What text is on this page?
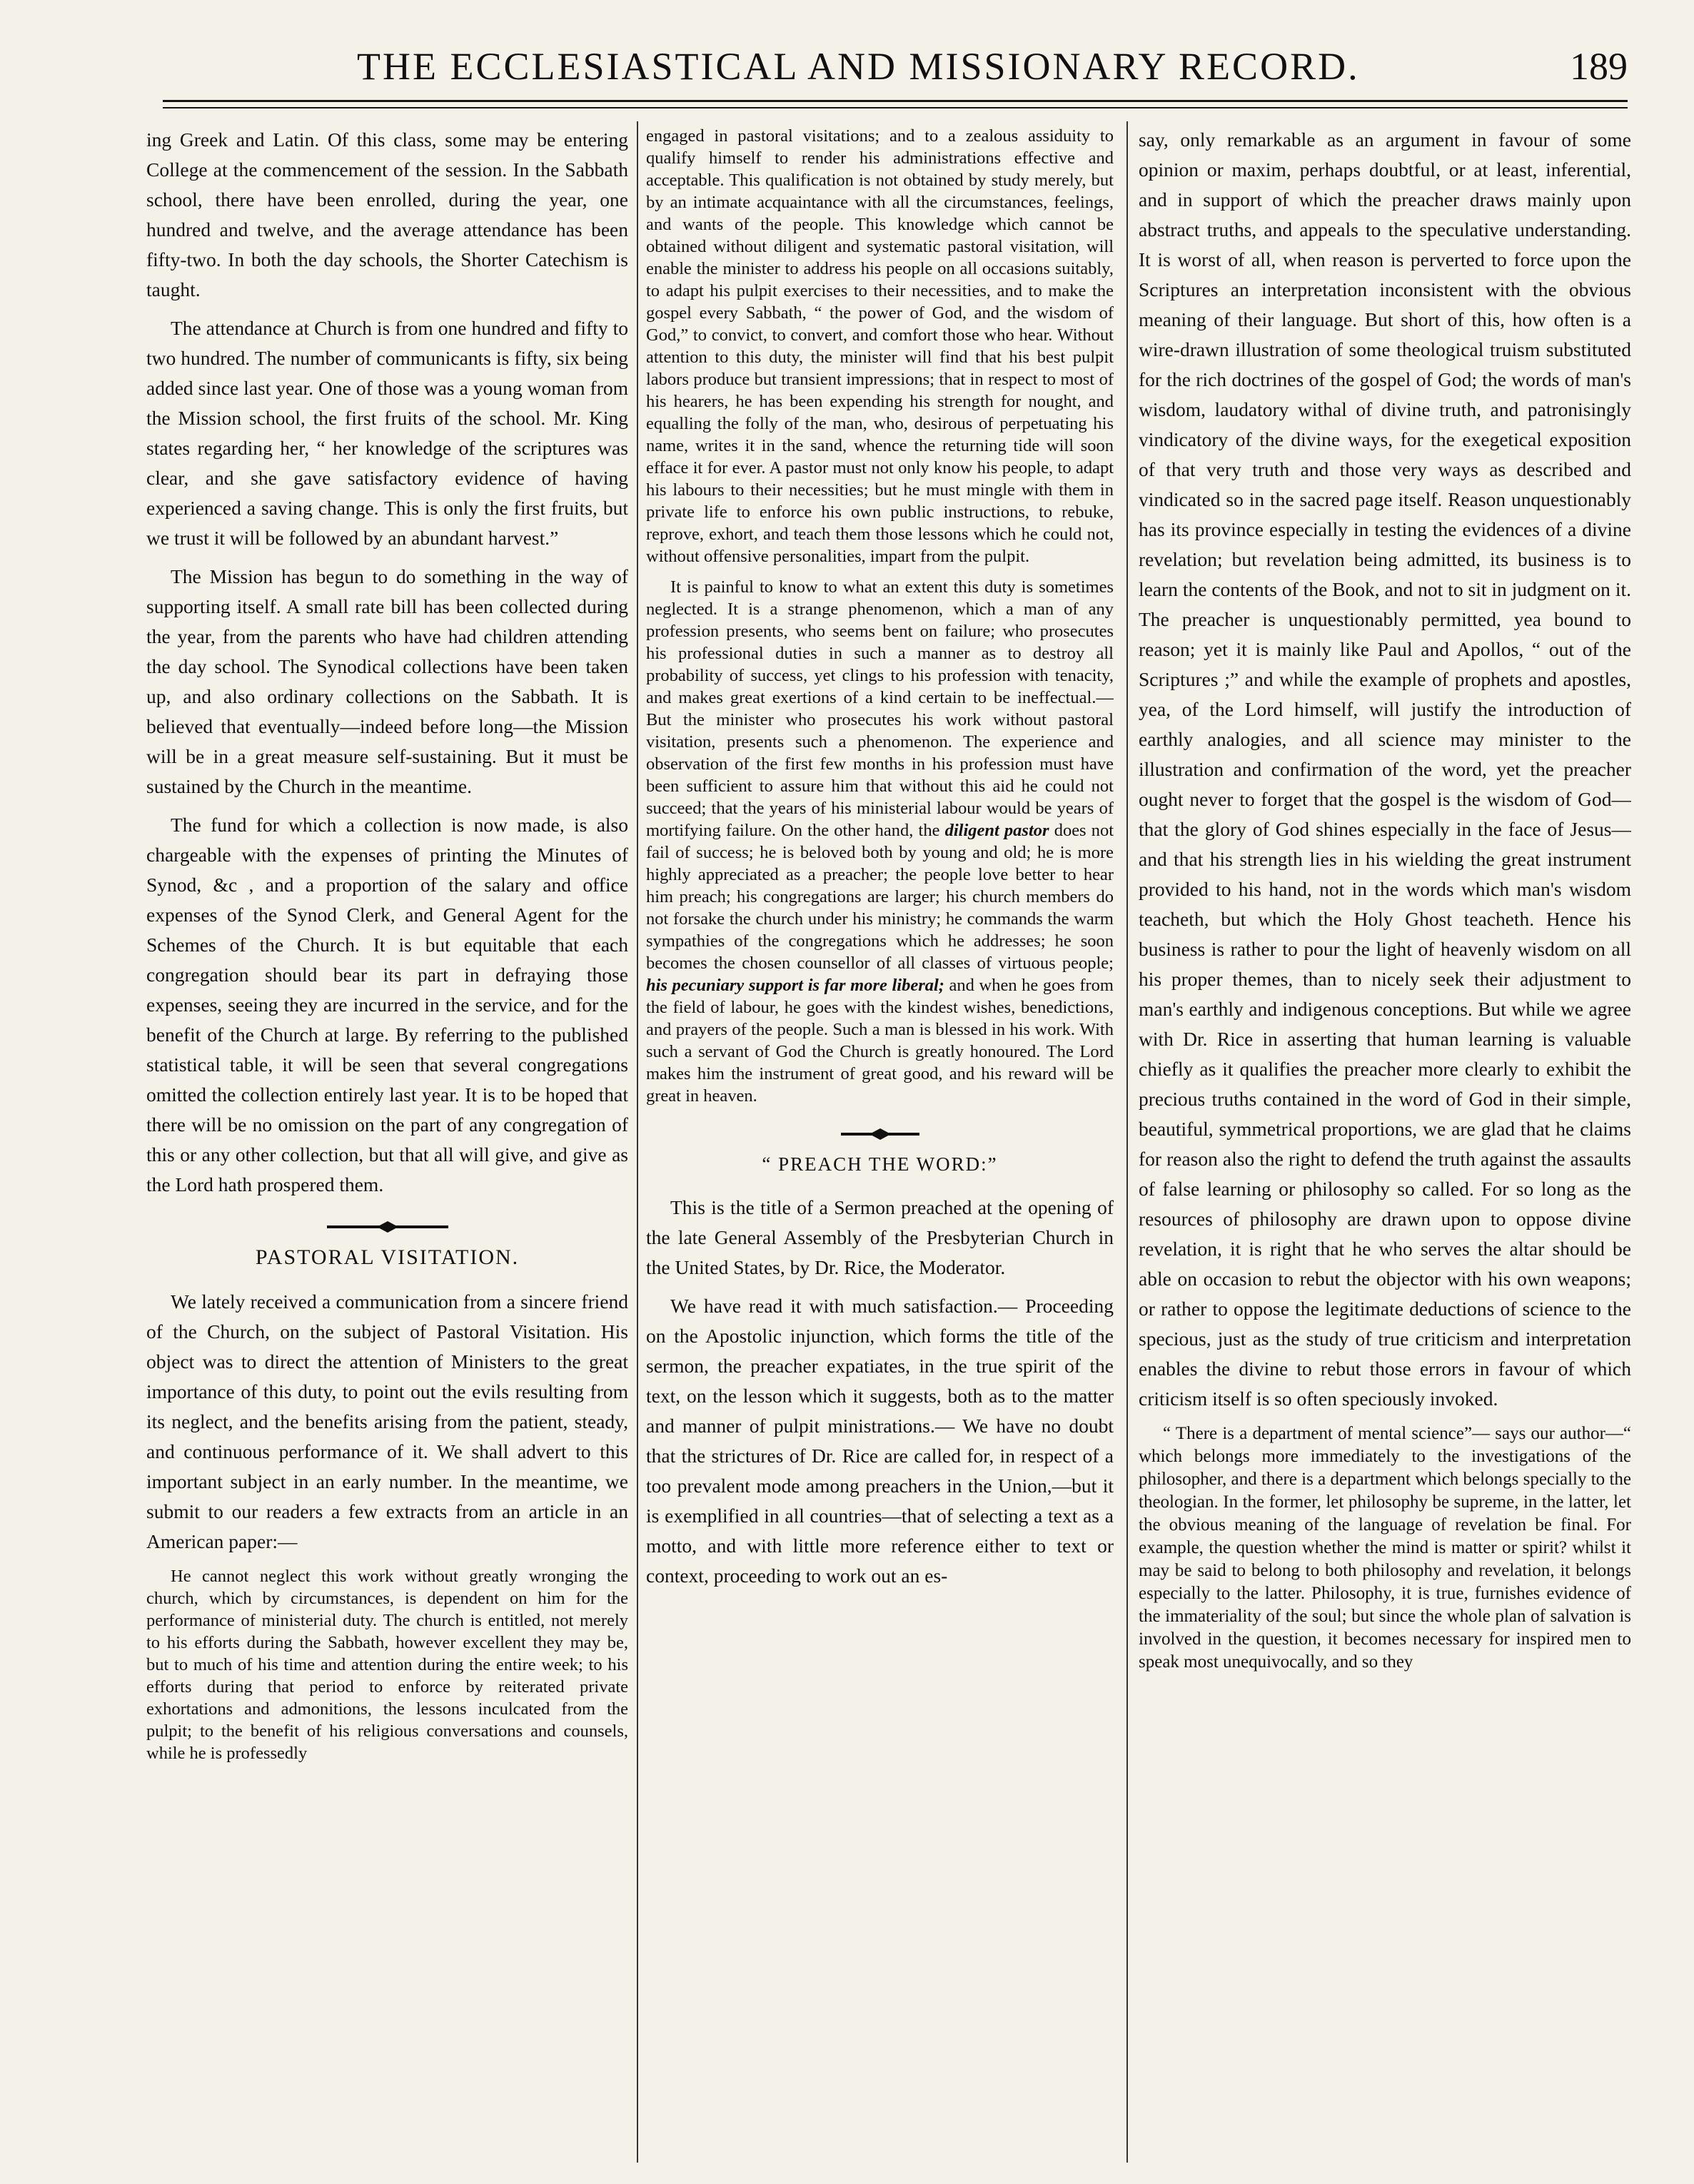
THE ECCLESIASTICAL AND MISSIONARY RECORD.	189

ing Greek and Latin. Of this class, some may be entering College at the commencement of the session. In the Sabbath school, there have been enrolled, during the year, one hundred and twelve, and the average attendance has been fifty-two. In both the day schools, the Shorter Catechism is taught.

The attendance at Church is from one hundred and fifty to two hundred. The number of communicants is fifty, six being added since last year. One of those was a young woman from the Mission school, the first fruits of the school. Mr. King states regarding her, “ her knowledge of the scriptures was clear, and she gave satisfactory evidence of having experienced a saving change. This is only the first fruits, but we trust it will be followed by an abundant harvest.”

The Mission has begun to do something in the way of supporting itself. A small rate bill has been collected during the year, from the parents who have had children attending the day school. The Synodical collections have been taken up, and also ordinary collections on the Sabbath. It is believed that eventually—indeed before long—the Mission will be in a great measure self-sustaining. But it must be sustained by the Church in the meantime.

The fund for which a collection is now made, is also chargeable with the expenses of printing the Minutes of Synod, &c , and a proportion of the salary and office expenses of the Synod Clerk, and General Agent for the Schemes of the Church. It is but equitable that each congregation should bear its part in defraying those expenses, seeing they are incurred in the service, and for the benefit of the Church at large. By referring to the published statistical table, it will be seen that several congregations omitted the collection entirely last year. It is to be hoped that there will be no omission on the part of any congregation of this or any other collection, but that all will give, and give as the Lord hath prospered them.

PASTORAL VISITATION.

We lately received a communication from a sincere friend of the Church, on the subject of Pastoral Visitation. His object was to direct the attention of Ministers to the great importance of this duty, to point out the evils resulting from its neglect, and the benefits arising from the patient, steady, and continuous performance of it. We shall advert to this important subject in an early number. In the meantime, we submit to our readers a few extracts from an article in an American paper:—

He cannot neglect this work without greatly wronging the church, which by circumstances, is dependent on him for the performance of ministerial duty. The church is entitled, not merely to his efforts during the Sabbath, however excellent they may be, but to much of his time and attention during the entire week; to his efforts during that period to enforce by reiterated private exhortations and admonitions, the lessons inculcated from the pulpit; to the benefit of his religious conversations and counsels, while he is professedly

engaged in pastoral visitations; and to a zealous assiduity to qualify himself to render his administrations effective and acceptable. This qualification is not obtained by study merely, but by an intimate acquaintance with all the circumstances, feelings, and wants of the people. This knowledge which cannot be obtained without diligent and systematic pastoral visitation, will enable the minister to address his people on all occasions suitably, to adapt his pulpit exercises to their necessities, and to make the gospel every Sabbath, “ the power of God, and the wisdom of God,” to convict, to convert, and comfort those who hear. Without attention to this duty, the minister will find that his best pulpit labors produce but transient impressions; that in respect to most of his hearers, he has been expending his strength for nought, and equalling the folly of the man, who, desirous of perpetuating his name, writes it in the sand, whence the returning tide will soon efface it for ever. A pastor must not only know his people, to adapt his labours to their necessities; but he must mingle with them in private life to enforce his own public instructions, to rebuke, reprove, exhort, and teach them those lessons which he could not, without offensive personalities, impart from the pulpit.

It is painful to know to what an extent this duty is sometimes neglected. It is a strange phenomenon, which a man of any profession presents, who seems bent on failure; who prosecutes his professional duties in such a manner as to destroy all probability of success, yet clings to his profession with tenacity, and makes great exertions of a kind certain to be ineffectual.— But the minister who prosecutes his work without pastoral visitation, presents such a phenomenon. The experience and observation of the first few months in his profession must have been sufficient to assure him that without this aid he could not succeed; that the years of his ministerial labour would be years of mortifying failure. On the other hand, the diligent pastor does not fail of success; he is beloved both by young and old; he is more highly appreciated as a preacher; the people love better to hear him preach; his congregations are larger; his church members do not forsake the church under his ministry; he commands the warm sympathies of the congregations which he addresses; he soon becomes the chosen counsellor of all classes of virtuous people; his pecuniary support is far more liberal; and when he goes from the field of labour, he goes with the kindest wishes, benedictions, and prayers of the people. Such a man is blessed in his work. With such a servant of God the Church is greatly honoured. The Lord makes him the instrument of great good, and his reward will be great in heaven.

“ PREACH THE WORD:”

This is the title of a Sermon preached at the opening of the late General Assembly of the Presbyterian Church in the United States, by Dr. Rice, the Moderator.

We have read it with much satisfaction.— Proceeding on the Apostolic injunction, which forms the title of the sermon, the preacher expatiates, in the true spirit of the text, on the lesson which it suggests, both as to the matter and manner of pulpit ministrations.— We have no doubt that the strictures of Dr. Rice are called for, in respect of a too prevalent mode among preachers in the Union,—but it is exemplified in all countries—that of selecting a text as a motto, and with little more reference either to text or context, proceeding to work out an es-

say, only remarkable as an argument in favour of some opinion or maxim, perhaps doubtful, or at least, inferential, and in support of which the preacher draws mainly upon abstract truths, and appeals to the speculative understanding. It is worst of all, when reason is perverted to force upon the Scriptures an interpretation inconsistent with the obvious meaning of their language. But short of this, how often is a wire-drawn illustration of some theological truism substituted for the rich doctrines of the gospel of God; the words of man's wisdom, laudatory withal of divine truth, and patronisingly vindicatory of the divine ways, for the exegetical exposition of that very truth and those very ways as described and vindicated so in the sacred page itself. Reason unquestionably has its province especially in testing the evidences of a divine revelation; but revelation being admitted, its business is to learn the contents of the Book, and not to sit in judgment on it. The preacher is unquestionably permitted, yea bound to reason; yet it is mainly like Paul and Apollos, “ out of the Scriptures ;” and while the example of prophets and apostles, yea, of the Lord himself, will justify the introduction of earthly analogies, and all science may minister to the illustration and confirmation of the word, yet the preacher ought never to forget that the gospel is the wisdom of God—that the glory of God shines especially in the face of Jesus—and that his strength lies in his wielding the great instrument provided to his hand, not in the words which man's wisdom teacheth, but which the Holy Ghost teacheth. Hence his business is rather to pour the light of heavenly wisdom on all his proper themes, than to nicely seek their adjustment to man's earthly and indigenous conceptions. But while we agree with Dr. Rice in asserting that human learning is valuable chiefly as it qualifies the preacher more clearly to exhibit the precious truths contained in the word of God in their simple, beautiful, symmetrical proportions, we are glad that he claims for reason also the right to defend the truth against the assaults of false learning or philosophy so called. For so long as the resources of philosophy are drawn upon to oppose divine revelation, it is right that he who serves the altar should be able on occasion to rebut the objector with his own weapons; or rather to oppose the legitimate deductions of science to the specious, just as the study of true criticism and interpretation enables the divine to rebut those errors in favour of which criticism itself is so often speciously invoked.

“ There is a department of mental science”— says our author—“ which belongs more immediately to the investigations of the philosopher, and there is a department which belongs specially to the theologian. In the former, let philosophy be supreme, in the latter, let the obvious meaning of the language of revelation be final. For example, the question whether the mind is matter or spirit? whilst it may be said to belong to both philosophy and revelation, it belongs especially to the latter. Philosophy, it is true, furnishes evidence of the immateriality of the soul; but since the whole plan of salvation is involved in the question, it becomes necessary for inspired men to speak most unequivocally, and so they
